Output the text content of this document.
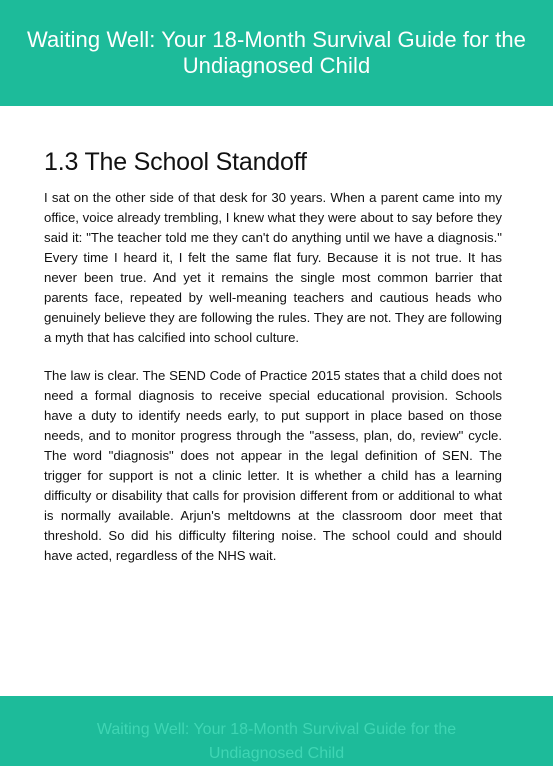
Waiting Well: Your 18-Month Survival Guide for the Undiagnosed Child
1.3 The School Standoff

I sat on the other side of that desk for 30 years. When a parent came into my office, voice already trembling, I knew what they were about to say before they said it: "The teacher told me they can't do anything until we have a diagnosis." Every time I heard it, I felt the same flat fury. Because it is not true. It has never been true. And yet it remains the single most common barrier that parents face, repeated by well-meaning teachers and cautious heads who genuinely believe they are following the rules. They are not. They are following a myth that has calcified into school culture.

The law is clear. The SEND Code of Practice 2015 states that a child does not need a formal diagnosis to receive special educational provision. Schools have a duty to identify needs early, to put support in place based on those needs, and to monitor progress through the "assess, plan, do, review" cycle. The word "diagnosis" does not appear in the legal definition of SEN. The trigger for support is not a clinic letter. It is whether a child has a learning difficulty or disability that calls for provision different from or additional to what is normally available. Arjun's meltdowns at the classroom door meet that threshold. So did his difficulty filtering noise. The school could and should have acted, regardless of the NHS wait.

Waiting Well: Your 18-Month Survival Guide for the Undiagnosed Child
